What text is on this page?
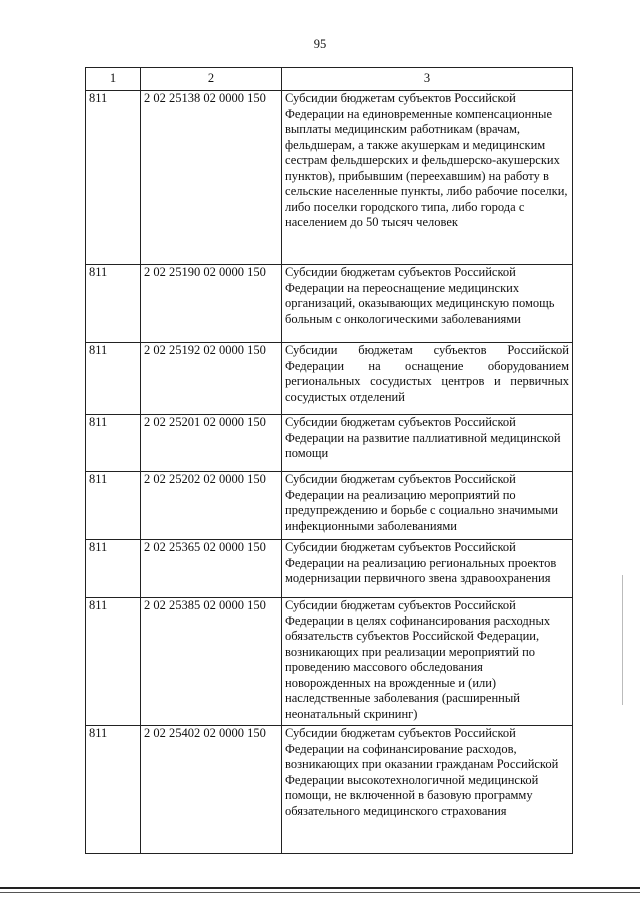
95
1	2	3
811	2 02 25138 02 0000 150	Субсидии бюджетам субъектов Российской Федерации на единовременные компенсационные выплаты медицинским работникам (врачам, фельдшерам, а также акушеркам и медицинским сестрам фельдшерских и фельдшерско-акушерских пунктов), прибывшим (переехавшим) на работу в сельские населенные пункты, либо рабочие поселки, либо поселки городского типа, либо города с населением до 50 тысяч человек
811	2 02 25190 02 0000 150	Субсидии бюджетам субъектов Российской Федерации на переоснащение медицинских организаций, оказывающих медицинскую помощь больным с онкологическими заболеваниями
811	2 02 25192 02 0000 150	Субсидии бюджетам субъектов Российской Федерации на оснащение оборудованием региональных сосудистых центров и первичных сосудистых отделений
811	2 02 25201 02 0000 150	Субсидии бюджетам субъектов Российской Федерации на развитие паллиативной медицинской помощи
811	2 02 25202 02 0000 150	Субсидии бюджетам субъектов Российской Федерации на реализацию мероприятий по предупреждению и борьбе с социально значимыми инфекционными заболеваниями
811	2 02 25365 02 0000 150	Субсидии бюджетам субъектов Российской Федерации на реализацию региональных проектов модернизации первичного звена здравоохранения
811	2 02 25385 02 0000 150	Субсидии бюджетам субъектов Российской Федерации в целях софинансирования расходных обязательств субъектов Российской Федерации, возникающих при реализации мероприятий по проведению массового обследования новорожденных на врожденные и (или) наследственные заболевания (расширенный неонатальный скрининг)
811	2 02 25402 02 0000 150	Субсидии бюджетам субъектов Российской Федерации на софинансирование расходов, возникающих при оказании гражданам Российской Федерации высокотехнологичной медицинской помощи, не включенной в базовую программу обязательного медицинского страхования
